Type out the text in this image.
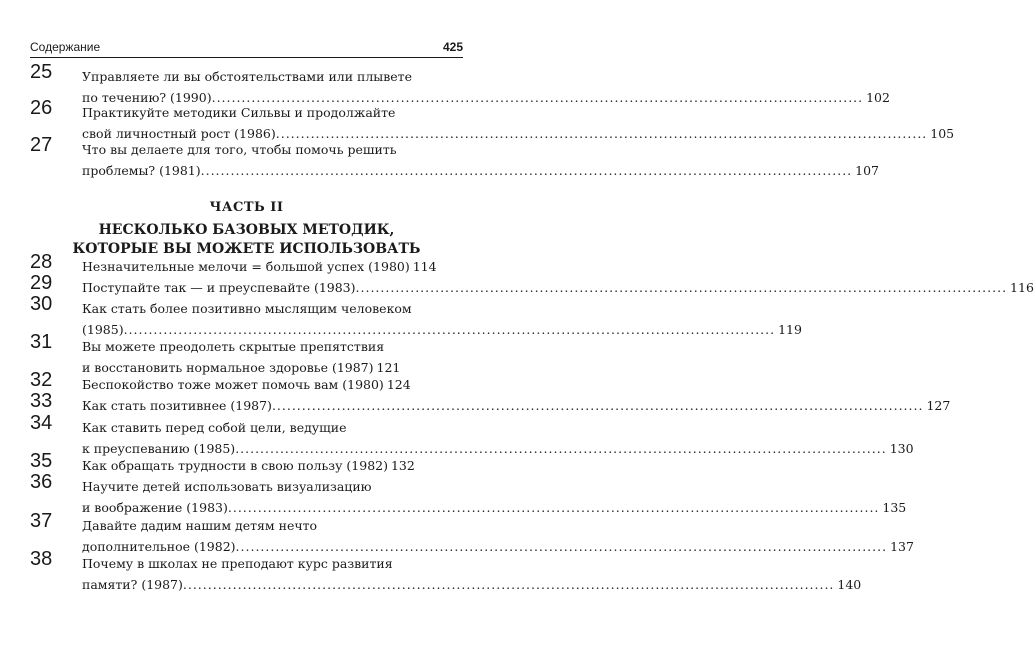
Содержание	425
25 Управляете ли вы обстоятельствами или плывете
по течению? (1990) .....	102
26 Практикуйте методики Сильвы и продолжайте
свой личностный рост (1986) .....	105
27 Что вы делаете для того, чтобы помочь решить
проблемы? (1981) .....	107
ЧАСТЬ II
НЕСКОЛЬКО БАЗОВЫХ МЕТОДИК,
КОТОРЫЕ ВЫ МОЖЕТЕ ИСПОЛЬЗОВАТЬ
28 Незначительные мелочи = большой успех (1980) 114
29 Поступайте так — и преуспевайте (1983) .....	116
30 Как стать более позитивно мыслящим человеком
(1985) .....	119
31 Вы можете преодолеть скрытые препятствия
и восстановить нормальное здоровье (1987) 121
32 Беспокойство тоже может помочь вам (1980) 124
33 Как стать позитивнее (1987) .....	127
34 Как ставить перед собой цели, ведущие
к преуспеванию (1985) .....	130
35 Как обращать трудности в свою пользу (1982) 132
36 Научите детей использовать визуализацию
и воображение (1983) .....	135
37 Давайте дадим нашим детям нечто
дополнительное (1982) .....	137
38 Почему в школах не преподают курс развития
памяти? (1987) .....	140
